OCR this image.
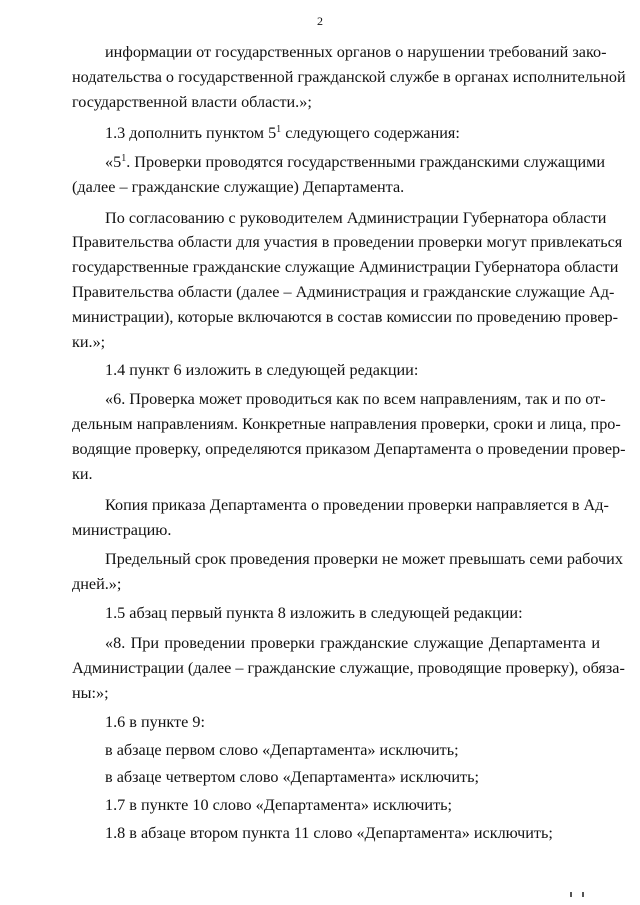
2
информации от государственных органов о нарушении требований зако-
нодательства о государственной гражданской службе в органах исполнительной
государственной власти области.»;
1.3 дополнить пунктом $5^1$ следующего содержания:
«$5^1$. Проверки проводятся государственными гражданскими служащими
(далее – гражданские служащие) Департамента.
По согласованию с руководителем Администрации Губернатора области
Правительства области для участия в проведении проверки могут привлекаться
государственные гражданские служащие Администрации Губернатора области
Правительства области (далее – Администрация и гражданские служащие Ад-
министрации), которые включаются в состав комиссии по проведению провер-
ки.»;
1.4 пункт 6 изложить в следующей редакции:
«6. Проверка может проводиться как по всем направлениям, так и по от-
дельным направлениям. Конкретные направления проверки, сроки и лица, про-
водящие проверку, определяются приказом Департамента о проведении провер-
ки.
Копия приказа Департамента о проведении проверки направляется в Ад-
министрацию.
Предельный срок проведения проверки не может превышать семи рабочих
дней.»;
1.5 абзац первый пункта 8 изложить в следующей редакции:
«8. При проведении проверки гражданские служащие Департамента и
Администрации (далее – гражданские служащие, проводящие проверку), обяза-
ны:»;
1.6 в пункте 9:
в абзаце первом слово «Департамента» исключить;
в абзаце четвертом слово «Департамента» исключить;
1.7 в пункте 10 слово «Департамента» исключить;
1.8 в абзаце втором пункта 11 слово «Департамента» исключить;
